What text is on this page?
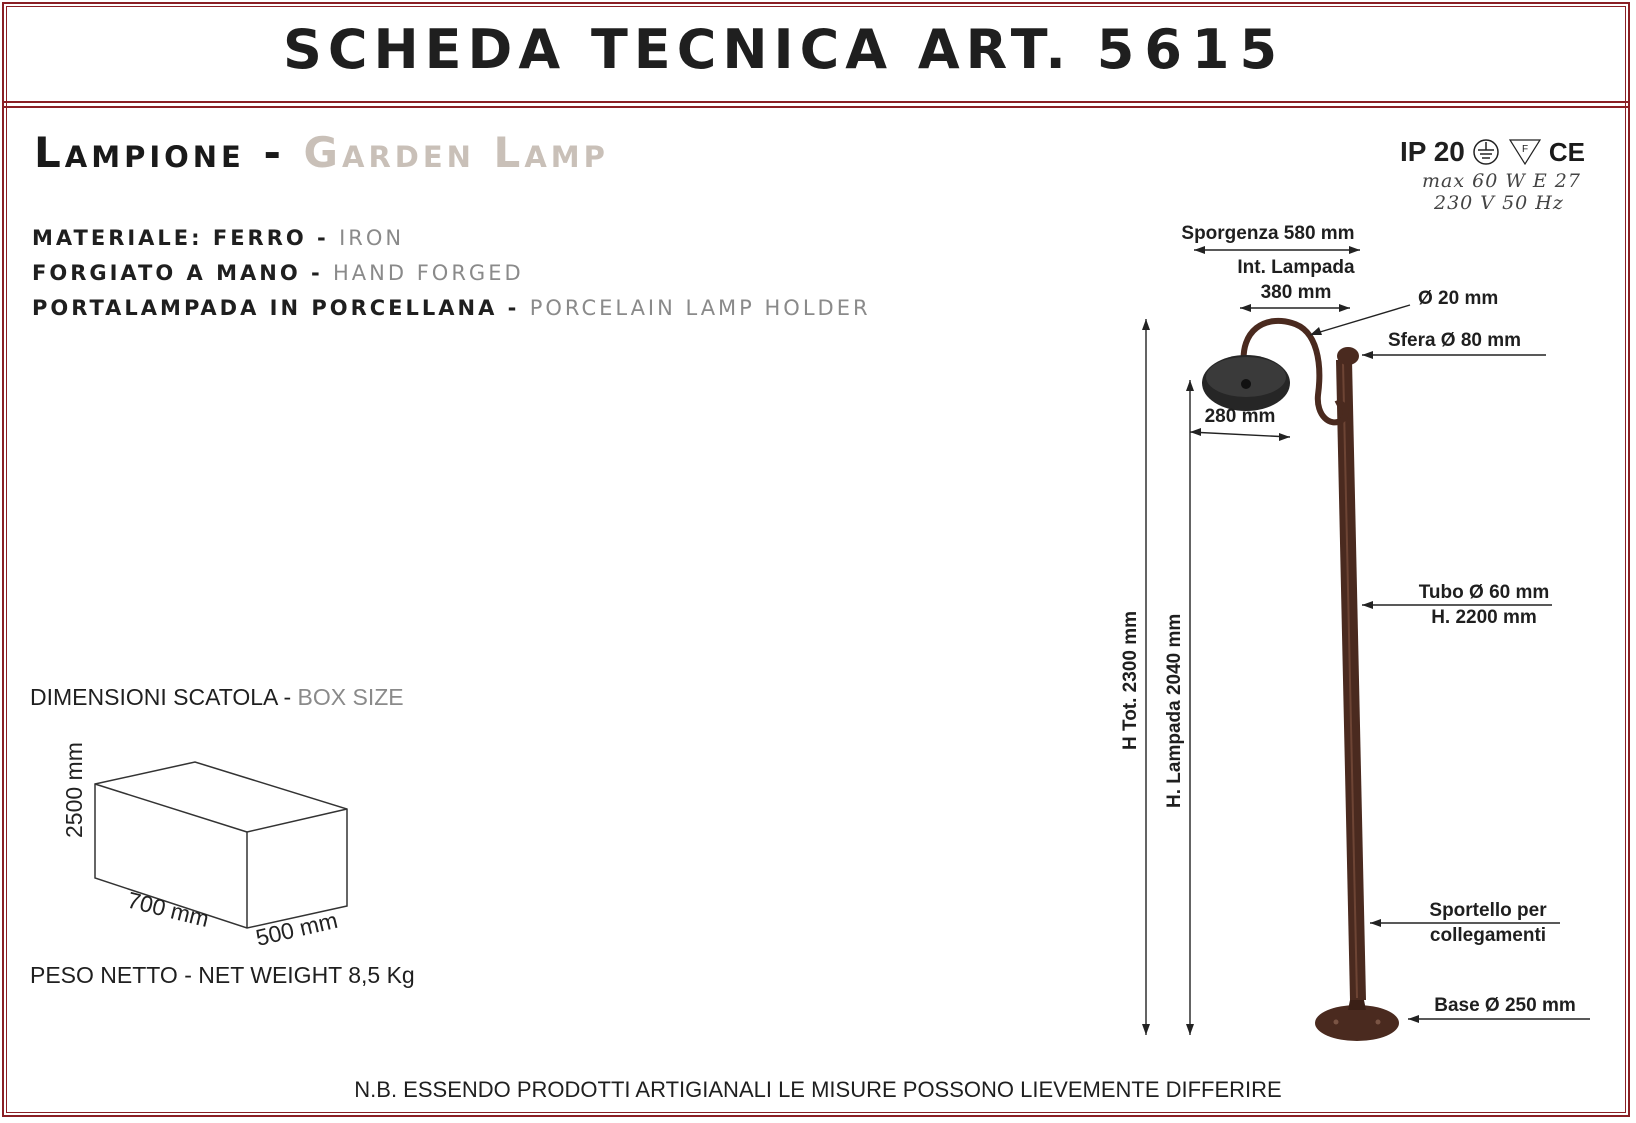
SCHEDA TECNICA ART. 5615
Lampione - Garden Lamp
MATERIALE: FERRO - IRON
FORGIATO A MANO - HAND FORGED
PORTALAMPADA IN PORCELLANA - PORCELAIN LAMP HOLDER
IP 20	F CE
max 60 W E 27
230 V 50 Hz
DIMENSIONI SCATOLA - BOX SIZE
2500 mm
700 mm 500 mm
Sporgenza 580 mm
Int. Lampada
380 mm	Ø 20 mm
Sfera Ø 80 mm
280 mm
Tubo Ø 60 mm
H. 2200 mm
Sportello per
collegamenti
Base Ø 250 mm
H Tot. 2300 mm H. Lampada 2040 mm
PESO NETTO - NET WEIGHT 8,5 Kg
N.B. ESSENDO PRODOTTI ARTIGIANALI LE MISURE POSSONO LIEVEMENTE DIFFERIRE
